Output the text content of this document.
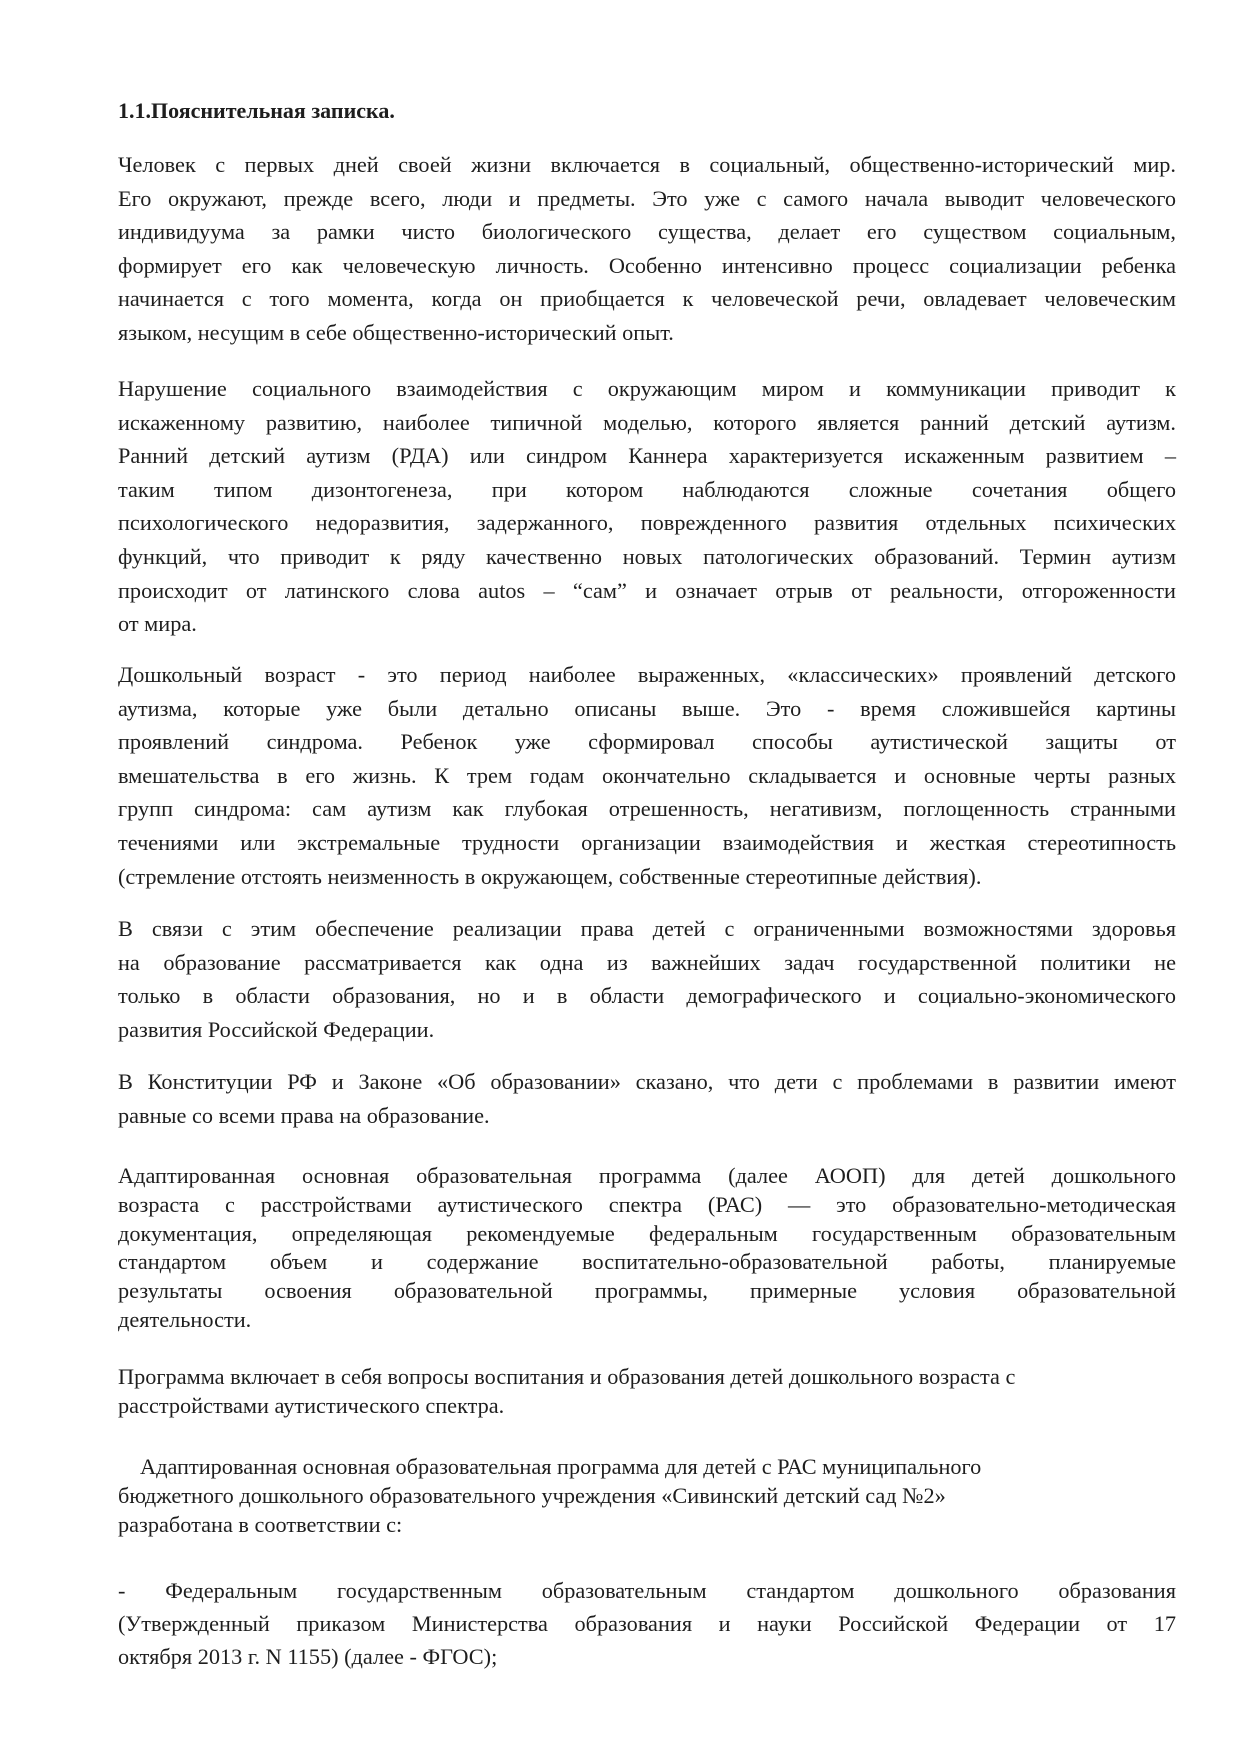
1.1.Пояснительная записка.
Человек с первых дней своей жизни включается в социальный, общественно-исторический мир.
Его окружают, прежде всего, люди и предметы. Это уже с самого начала выводит человеческого
индивидуума за рамки чисто биологического существа, делает его существом социальным,
формирует его как человеческую личность. Особенно интенсивно процесс социализации ребенка
начинается с того момента, когда он приобщается к человеческой речи, овладевает человеческим
языком, несущим в себе общественно-исторический опыт.
Нарушение социального взаимодействия с окружающим миром и коммуникации приводит к
искаженному развитию, наиболее типичной моделью, которого является ранний детский аутизм.
Ранний детский аутизм (РДА) или синдром Каннера характеризуется искаженным развитием –
таким типом дизонтогенеза, при котором наблюдаются сложные сочетания общего
психологического недоразвития, задержанного, поврежденного развития отдельных психических
функций, что приводит к ряду качественно новых патологических образований. Термин аутизм
происходит от латинского слова autos – “сам” и означает отрыв от реальности, отгороженности
от мира.
Дошкольный возраст - это период наиболее выраженных, «классических» проявлений детского
аутизма, которые уже были детально описаны выше. Это - время сложившейся картины
проявлений синдрома. Ребенок уже сформировал способы аутистической защиты от
вмешательства в его жизнь. К трем годам окончательно складывается и основные черты разных
групп синдрома: сам аутизм как глубокая отрешенность, негативизм, поглощенность странными
течениями или экстремальные трудности организации взаимодействия и жесткая стереотипность
(стремление отстоять неизменность в окружающем, собственные стереотипные действия).
В связи с этим обеспечение реализации права детей с ограниченными возможностями здоровья
на образование рассматривается как одна из важнейших задач государственной политики не
только в области образования, но и в области демографического и социально-экономического
развития Российской Федерации.
В Конституции РФ и Законе «Об образовании» сказано, что дети с проблемами в развитии имеют
равные со всеми права на образование.
Адаптированная основная образовательная программа (далее АООП) для детей дошкольного
возраста с расстройствами аутистического спектра (РАС) — это образовательно-методическая
документация, определяющая рекомендуемые федеральным государственным образовательным
стандартом объем и содержание воспитательно-образовательной работы, планируемые
результаты освоения образовательной программы, примерные условия образовательной
деятельности.
Программа включает в себя вопросы воспитания и образования детей дошкольного возраста с
расстройствами аутистического спектра.
Адаптированная основная образовательная программа для детей с РАС муниципального
бюджетного дошкольного образовательного учреждения «Сивинский детский сад №2»
разработана в соответствии с:
- Федеральным государственным образовательным стандартом дошкольного образования
(Утвержденный приказом Министерства образования и науки Российской Федерации от 17
октября 2013 г. N 1155) (далее - ФГОС);
